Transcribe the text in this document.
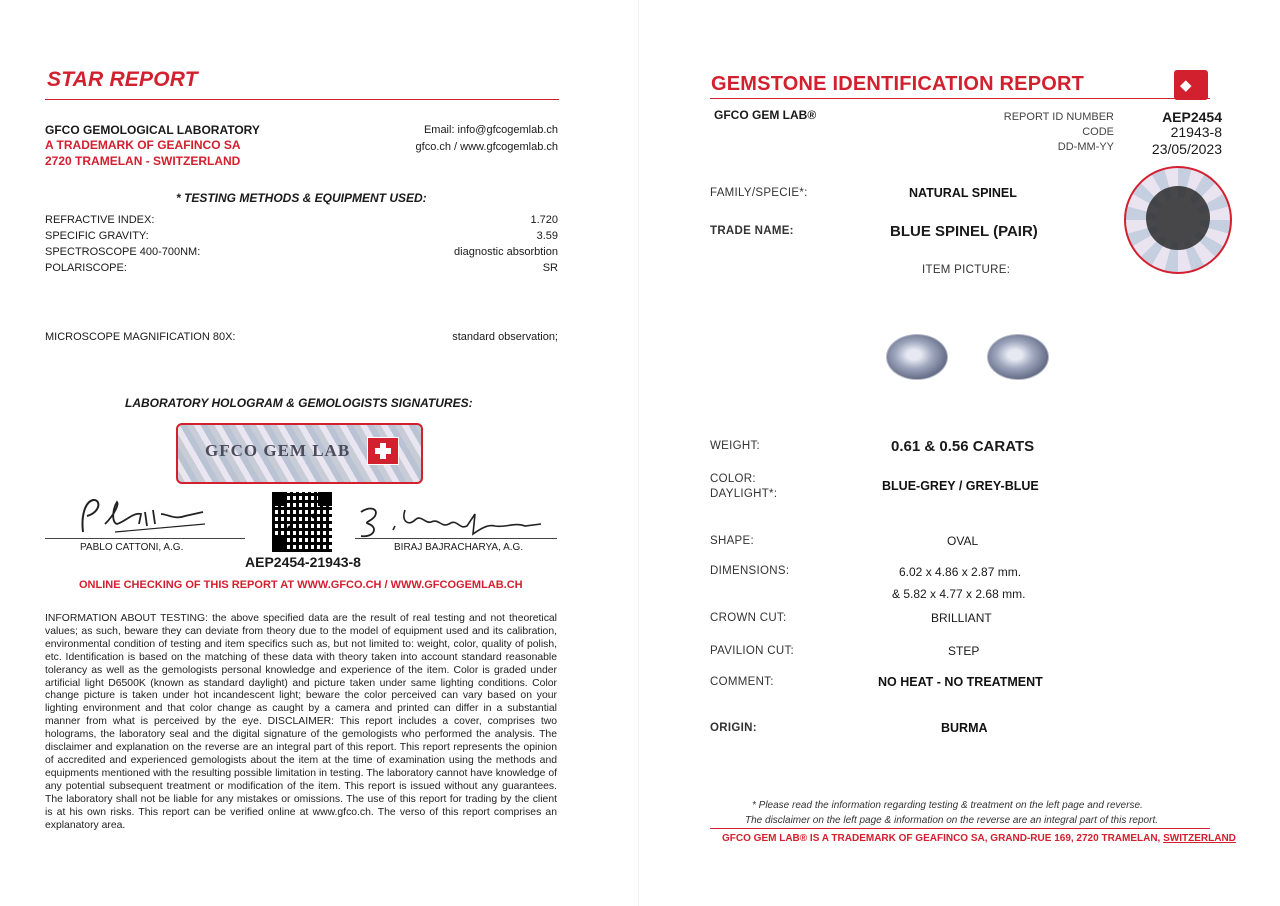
STAR REPORT
GFCO GEMOLOGICAL LABORATORY
A TRADEMARK OF GEAFINCO SA
2720 TRAMELAN - SWITZERLAND
Email: info@gfcogemlab.ch
gfco.ch / www.gfcogemlab.ch
* TESTING METHODS & EQUIPMENT USED:
REFRACTIVE INDEX:	1.720
SPECIFIC GRAVITY:	3.59
SPECTROSCOPE 400-700NM:	diagnostic absorbtion
POLARISCOPE:	SR
MICROSCOPE MAGNIFICATION 80X:	standard observation;
LABORATORY HOLOGRAM & GEMOLOGISTS SIGNATURES:
GFCO GEM LAB
PABLO CATTONI, A.G.
AEP2454-21943-8
BIRAJ BAJRACHARYA, A.G.
ONLINE CHECKING OF THIS REPORT AT WWW.GFCO.CH / WWW.GFCOGEMLAB.CH
INFORMATION ABOUT TESTING: the above specified data are the result of real testing and not theoretical values; as such, beware they can deviate from theory due to the model of equipment used and its calibration, environmental condition of testing and item specifics such as, but not limited to: weight, color, quality of polish, etc. Identification is based on the matching of these data with theory taken into account standard reasonable tolerancy as well as the gemologists personal knowledge and experience of the item. Color is graded under artificial light D6500K (known as standard daylight) and picture taken under same lighting conditions. Color change picture is taken under hot incandescent light; beware the color perceived can vary based on your lighting environment and that color change as caught by a camera and printed can differ in a substantial manner from what is perceived by the eye. DISCLAIMER: This report includes a cover, comprises two holograms, the laboratory seal and the digital signature of the gemologists who performed the analysis. The disclaimer and explanation on the reverse are an integral part of this report. This report represents the opinion of accredited and experienced gemologists about the item at the time of examination using the methods and equipments mentioned with the resulting possible limitation in testing. The laboratory cannot have knowledge of any potential subsequent treatment or modification of the item. This report is issued without any guarantees. The laboratory shall not be liable for any mistakes or omissions. The use of this report for trading by the client is at his own risks. This report can be verified online at www.gfco.ch. The verso of this report comprises an explanatory area.
GEMSTONE IDENTIFICATION REPORT	◆
GFCO GEM LAB®	REPORT ID NUMBER	AEP2454
CODE	21943-8
DD-MM-YY	23/05/2023
FAMILY/SPECIE*:	NATURAL SPINEL
TRADE NAME:	BLUE SPINEL (PAIR)
ITEM PICTURE:
WEIGHT:	0.61 & 0.56 CARATS
COLOR:
DAYLIGHT*:
BLUE-GREY / GREY-BLUE
SHAPE:	OVAL
DIMENSIONS:	6.02 x 4.86 x 2.87 mm.
& 5.82 x 4.77 x 2.68 mm.
CROWN CUT:	BRILLIANT
PAVILION CUT:	STEP
COMMENT:	NO HEAT - NO TREATMENT
ORIGIN:	BURMA
* Please read the information regarding testing & treatment on the left page and reverse.
The disclaimer on the left page & information on the reverse are an integral part of this report.
GFCO GEM LAB® IS A TRADEMARK OF GEAFINCO SA, GRAND-RUE 169, 2720 TRAMELAN, SWITZERLAND
